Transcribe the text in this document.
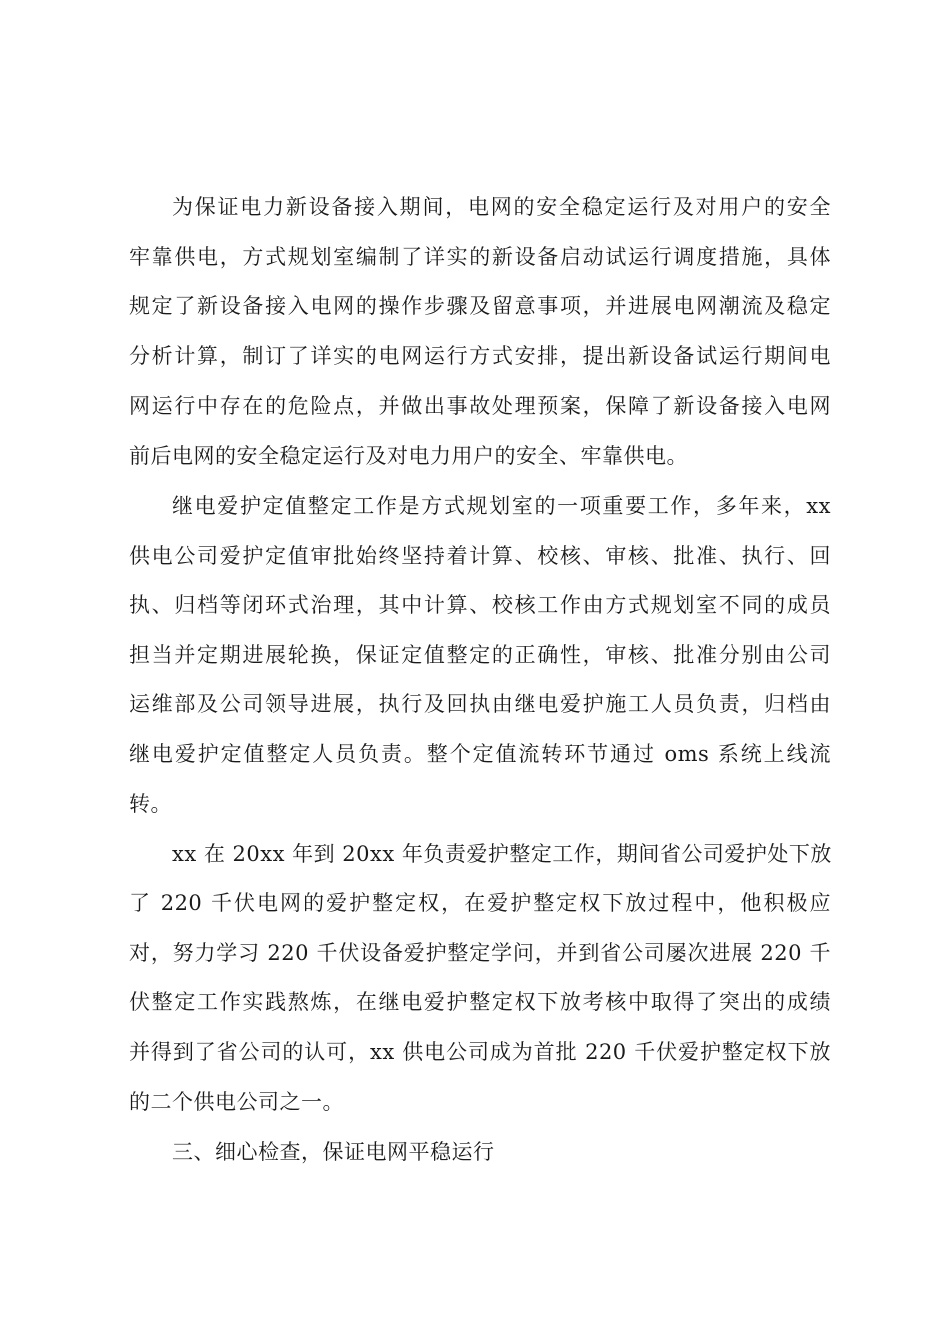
为保证电力新设备接入期间，电网的安全稳定运行及对用户的安全
牢靠供电，方式规划室编制了详实的新设备启动试运行调度措施，具体
规定了新设备接入电网的操作步骤及留意事项，并进展电网潮流及稳定
分析计算，制订了详实的电网运行方式安排，提出新设备试运行期间电
网运行中存在的危险点，并做出事故处理预案，保障了新设备接入电网
前后电网的安全稳定运行及对电力用户的安全、牢靠供电。
继电爱护定值整定工作是方式规划室的一项重要工作，多年来，xx
供电公司爱护定值审批始终坚持着计算、校核、审核、批准、执行、回
执、归档等闭环式治理，其中计算、校核工作由方式规划室不同的成员
担当并定期进展轮换，保证定值整定的正确性，审核、批准分别由公司
运维部及公司领导进展，执行及回执由继电爱护施工人员负责，归档由
继电爱护定值整定人员负责。整个定值流转环节通过 oms 系统上线流
转。
xx 在 20xx 年到 20xx 年负责爱护整定工作，期间省公司爱护处下放
了 220 千伏电网的爱护整定权，在爱护整定权下放过程中，他积极应
对，努力学习 220 千伏设备爱护整定学问，并到省公司屡次进展 220 千
伏整定工作实践熬炼，在继电爱护整定权下放考核中取得了突出的成绩
并得到了省公司的认可，xx 供电公司成为首批 220 千伏爱护整定权下放
的二个供电公司之一。
三、细心检查，保证电网平稳运行
